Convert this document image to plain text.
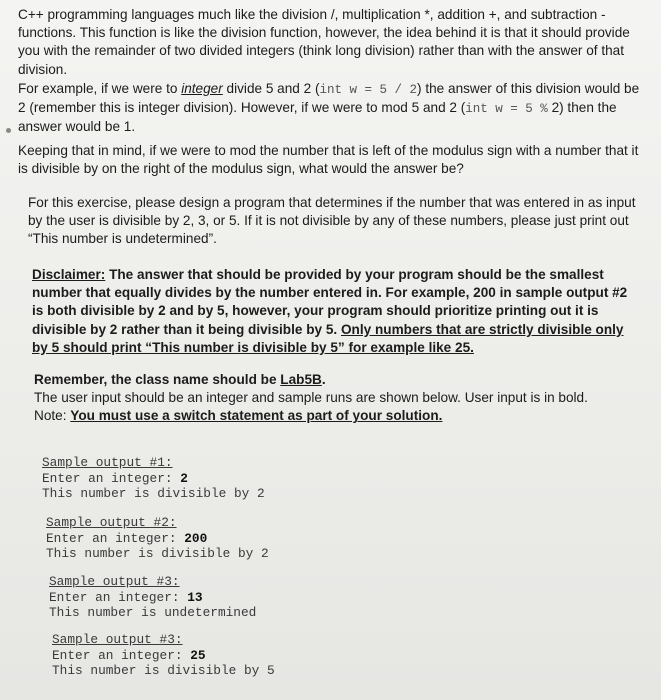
C++ programming languages much like the division /, multiplication *, addition +, and subtraction - functions. This function is like the division function, however, the idea behind it is that it should provide you with the remainder of two divided integers (think long division) rather than with the answer of that division.
For example, if we were to integer divide 5 and 2 (int w = 5 / 2) the answer of this division would be 2 (remember this is integer division). However, if we were to mod 5 and 2 (int w = 5 % 2) then the answer would be 1.
Keeping that in mind, if we were to mod the number that is left of the modulus sign with a number that it is divisible by on the right of the modulus sign, what would the answer be?
For this exercise, please design a program that determines if the number that was entered in as input by the user is divisible by 2, 3, or 5. If it is not divisible by any of these numbers, please just print out “This number is undetermined”.
Disclaimer: The answer that should be provided by your program should be the smallest number that equally divides by the number entered in. For example, 200 in sample output #2 is both divisible by 2 and by 5, however, your program should prioritize printing out it is divisible by 2 rather than it being divisible by 5. Only numbers that are strictly divisible only by 5 should print “This number is divisible by 5” for example like 25.
Remember, the class name should be Lab5B.
The user input should be an integer and sample runs are shown below. User input is in bold.
Note: You must use a switch statement as part of your solution.
Sample output #1:
Enter an integer: 2
This number is divisible by 2
Sample output #2:
Enter an integer: 200
This number is divisible by 2
Sample output #3:
Enter an integer: 13
This number is undetermined
Sample output #3:
Enter an integer: 25
This number is divisible by 5
